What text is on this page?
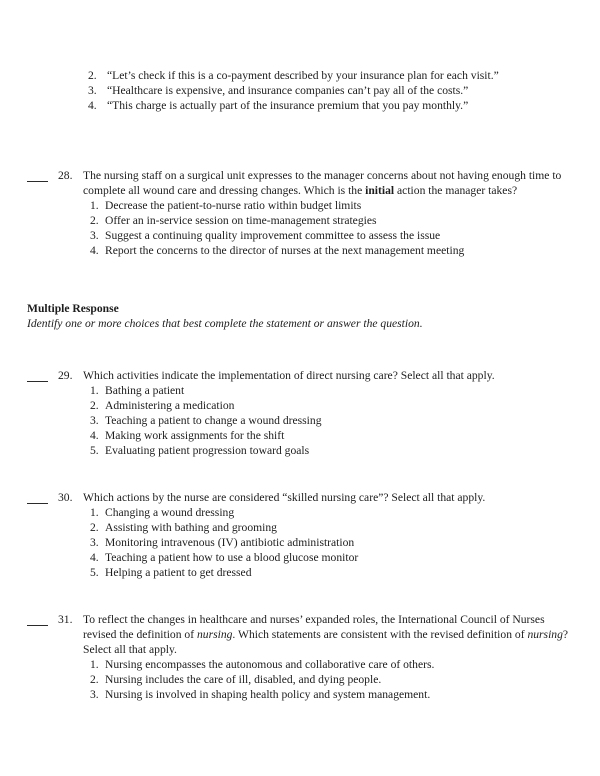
2. “Let’s check if this is a co-payment described by your insurance plan for each visit.”
3. “Healthcare is expensive, and insurance companies can’t pay all of the costs.”
4. “This charge is actually part of the insurance premium that you pay monthly.”
28. The nursing staff on a surgical unit expresses to the manager concerns about not having enough time to complete all wound care and dressing changes. Which is the initial action the manager takes?
1. Decrease the patient-to-nurse ratio within budget limits
2. Offer an in-service session on time-management strategies
3. Suggest a continuing quality improvement committee to assess the issue
4. Report the concerns to the director of nurses at the next management meeting
Multiple Response
Identify one or more choices that best complete the statement or answer the question.
29. Which activities indicate the implementation of direct nursing care? Select all that apply.
1. Bathing a patient
2. Administering a medication
3. Teaching a patient to change a wound dressing
4. Making work assignments for the shift
5. Evaluating patient progression toward goals
30. Which actions by the nurse are considered “skilled nursing care”? Select all that apply.
1. Changing a wound dressing
2. Assisting with bathing and grooming
3. Monitoring intravenous (IV) antibiotic administration
4. Teaching a patient how to use a blood glucose monitor
5. Helping a patient to get dressed
31. To reflect the changes in healthcare and nurses’ expanded roles, the International Council of Nurses revised the definition of nursing. Which statements are consistent with the revised definition of nursing? Select all that apply.
1. Nursing encompasses the autonomous and collaborative care of others.
2. Nursing includes the care of ill, disabled, and dying people.
3. Nursing is involved in shaping health policy and system management.
